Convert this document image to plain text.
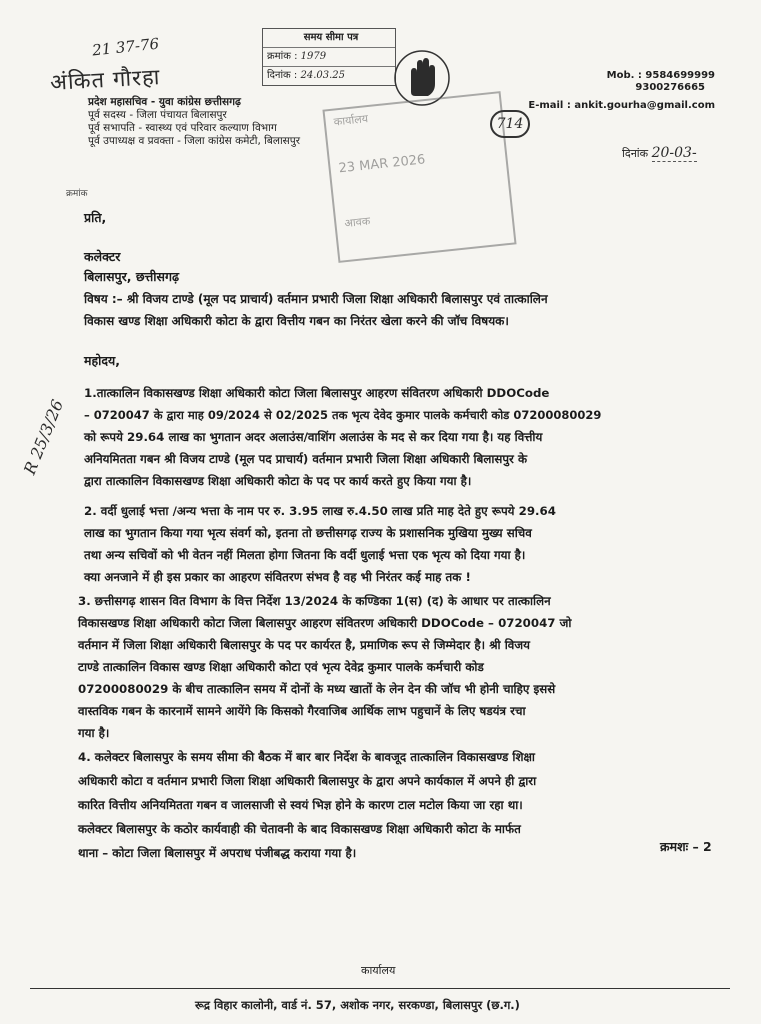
21 37-76
अंकित गौरहा
प्रदेश महासचिव - युवा कांग्रेस छत्तीसगढ़
पूर्व सदस्य - जिला पंचायत बिलासपुर
पूर्व सभापति - स्वास्थ्य एवं परिवार कल्याण विभाग
पूर्व उपाध्यक्ष व प्रवक्ता - जिला कांग्रेस कमेटी, बिलासपुर
समय सीमा पत्र
क्रमांक : 1979
दिनांक : 24.03.25	Mob. : 9584699999
9300276665
E-mail : ankit.gourha@gmail.com
कार्यालय
23 MAR 2026
आवक
714
दिनांक 20-03-
क्रमांक
प्रति,
कलेक्टर
बिलासपुर, छत्तीसगढ़
विषय :– श्री विजय टाण्डे (मूल पद प्राचार्य) वर्तमान प्रभारी जिला शिक्षा अधिकारी बिलासपुर एवं तात्कालिन
विकास खण्ड शिक्षा अधिकारी कोटा के द्वारा वित्तीय गबन का निरंतर खेला करने की जॉच विषयक।
महोदय,
1.तात्कालिन विकासखण्ड शिक्षा अधिकारी कोटा जिला बिलासपुर आहरण संवितरण अधिकारी DDOCode
– 0720047 के द्वारा माह 09/2024 से 02/2025 तक भृत्य देवेद कुमार पालके कर्मचारी कोड 07200080029
को रूपये 29.64 लाख का भुगतान अदर अलाउंस/वाशिंग अलाउंस के मद से कर दिया गया है। यह वित्तीय
अनियमितता गबन श्री विजय टाण्डे (मूल पद प्राचार्य) वर्तमान प्रभारी जिला शिक्षा अधिकारी बिलासपुर के
द्वारा तात्कालिन विकासखण्ड शिक्षा अधिकारी कोटा के पद पर कार्य करते हुए किया गया है।
2. वर्दी धुलाई भत्ता /अन्य भत्ता के नाम पर रु. 3.95 लाख रु.4.50 लाख प्रति माह देते हुए रूपये 29.64
लाख का भुगतान किया गया भृत्य संवर्ग को, इतना तो छत्तीसगढ़ राज्य के प्रशासनिक मुखिया मुख्य सचिव
तथा अन्य सचिवों को भी वेतन नहीं मिलता होगा जितना कि वर्दी धुलाई भत्ता एक भृत्य को दिया गया है।
क्या अनजाने में ही इस प्रकार का आहरण संवितरण संभव है वह भी निरंतर कई माह तक !
3. छत्तीसगढ़ शासन वित विभाग के वित्त निर्देश 13/2024 के कण्डिका 1(स) (द) के आधार पर तात्कालिन
विकासखण्ड शिक्षा अधिकारी कोटा जिला बिलासपुर आहरण संवितरण अधिकारी DDOCode – 0720047 जो
वर्तमान में जिला शिक्षा अधिकारी बिलासपुर के पद पर कार्यरत है, प्रमाणिक रूप से जिम्मेदार है। श्री विजय
टाण्डे तात्कालिन विकास खण्ड शिक्षा अधिकारी कोटा एवं भृत्य देवेद्र कुमार पालके कर्मचारी कोड
07200080029 के बीच तात्कालिन समय में दोनों के मध्य खातों के लेन देन की जॉच भी होनी चाहिए इससे
वास्तविक गबन के कारनामें सामने आयेंगे कि किसको गैरवाजिब आर्थिक लाभ पहुचानें के लिए षडयंत्र रचा
गया है।
4. कलेक्टर बिलासपुर के समय सीमा की बैठक में बार बार निर्देश के बावजूद तात्कालिन विकासखण्ड शिक्षा
अधिकारी कोटा व वर्तमान प्रभारी जिला शिक्षा अधिकारी बिलासपुर के द्वारा अपने कार्यकाल में अपने ही द्वारा
कारित वित्तीय अनियमितता गबन व जालसाजी से स्वयं भिज्ञ होने के कारण टाल मटोल किया जा रहा था।
कलेक्टर बिलासपुर के कठोर कार्यवाही की चेतावनी के बाद विकासखण्ड शिक्षा अधिकारी कोटा के मार्फत
थाना – कोटा जिला बिलासपुर में अपराध पंजीबद्ध कराया गया है।	क्रमशः – 2
R 25/3/26
कार्यालय
रूद्र विहार कालोनी, वार्ड नं. 57, अशोक नगर, सरकण्डा, बिलासपुर (छ.ग.)
